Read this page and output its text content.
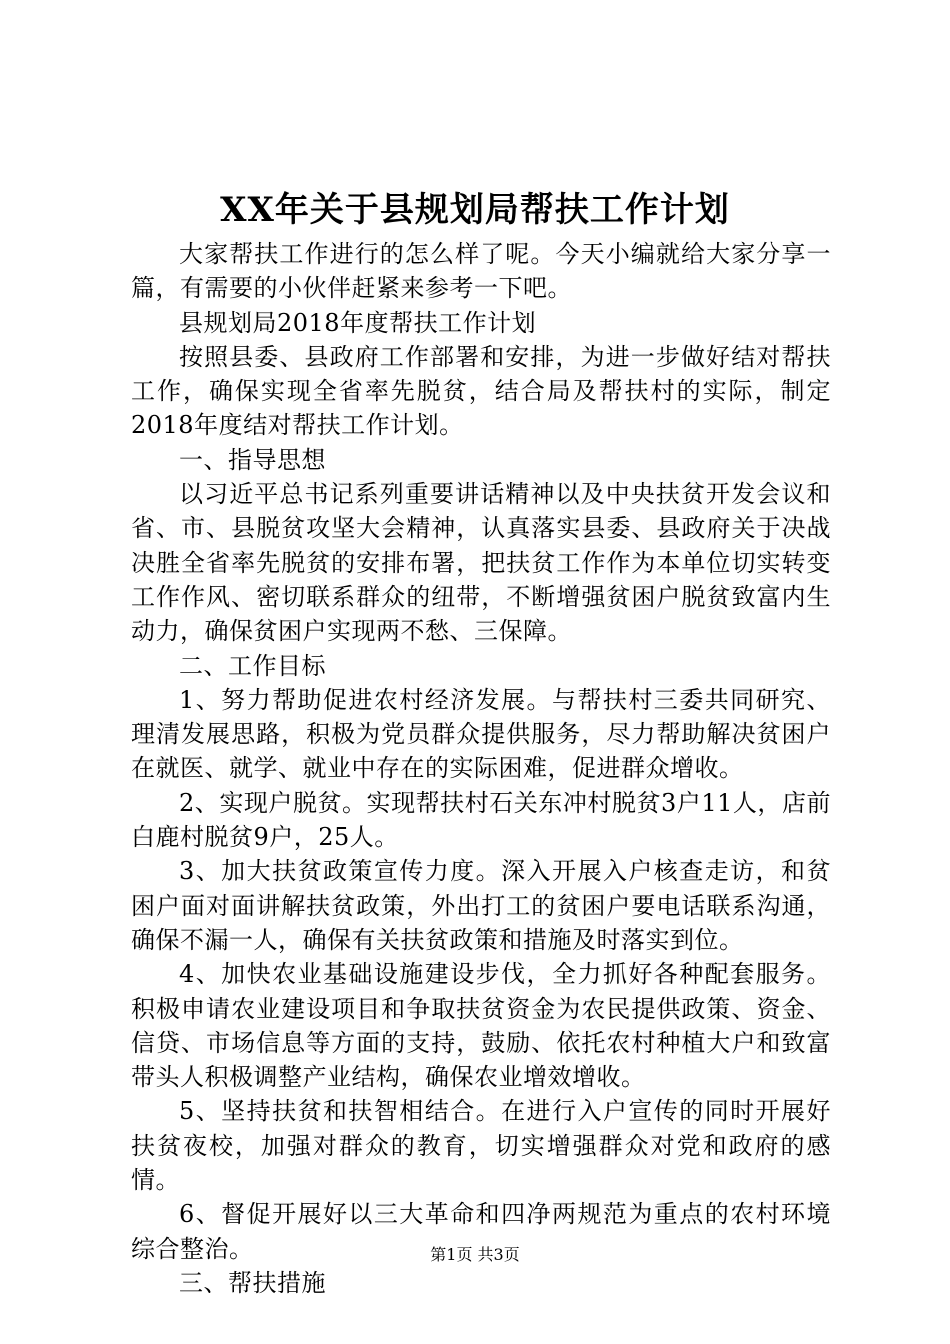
XX年关于县规划局帮扶工作计划

大家帮扶工作进行的怎么样了呢。今天小编就给大家分享一篇，有需要的小伙伴赶紧来参考一下吧。

县规划局2018年度帮扶工作计划

按照县委、县政府工作部署和安排，为进一步做好结对帮扶工作，确保实现全省率先脱贫，结合局及帮扶村的实际，制定2018年度结对帮扶工作计划。

一、指导思想

以习近平总书记系列重要讲话精神以及中央扶贫开发会议和省、市、县脱贫攻坚大会精神，认真落实县委、县政府关于决战决胜全省率先脱贫的安排布署，把扶贫工作作为本单位切实转变工作作风、密切联系群众的纽带，不断增强贫困户脱贫致富内生动力，确保贫困户实现两不愁、三保障。

二、工作目标

1、努力帮助促进农村经济发展。与帮扶村三委共同研究、理清发展思路，积极为党员群众提供服务，尽力帮助解决贫困户在就医、就学、就业中存在的实际困难，促进群众增收。

2、实现户脱贫。实现帮扶村石关东冲村脱贫3户11人，店前白鹿村脱贫9户，25人。

3、加大扶贫政策宣传力度。深入开展入户核查走访，和贫困户面对面讲解扶贫政策，外出打工的贫困户要电话联系沟通，确保不漏一人，确保有关扶贫政策和措施及时落实到位。

4、加快农业基础设施建设步伐，全力抓好各种配套服务。积极申请农业建设项目和争取扶贫资金为农民提供政策、资金、信贷、市场信息等方面的支持，鼓励、依托农村种植大户和致富带头人积极调整产业结构，确保农业增效增收。

5、坚持扶贫和扶智相结合。在进行入户宣传的同时开展好扶贫夜校，加强对群众的教育，切实增强群众对党和政府的感情。

6、督促开展好以三大革命和四净两规范为重点的农村环境综合整治。

三、帮扶措施

第1页 共3页
